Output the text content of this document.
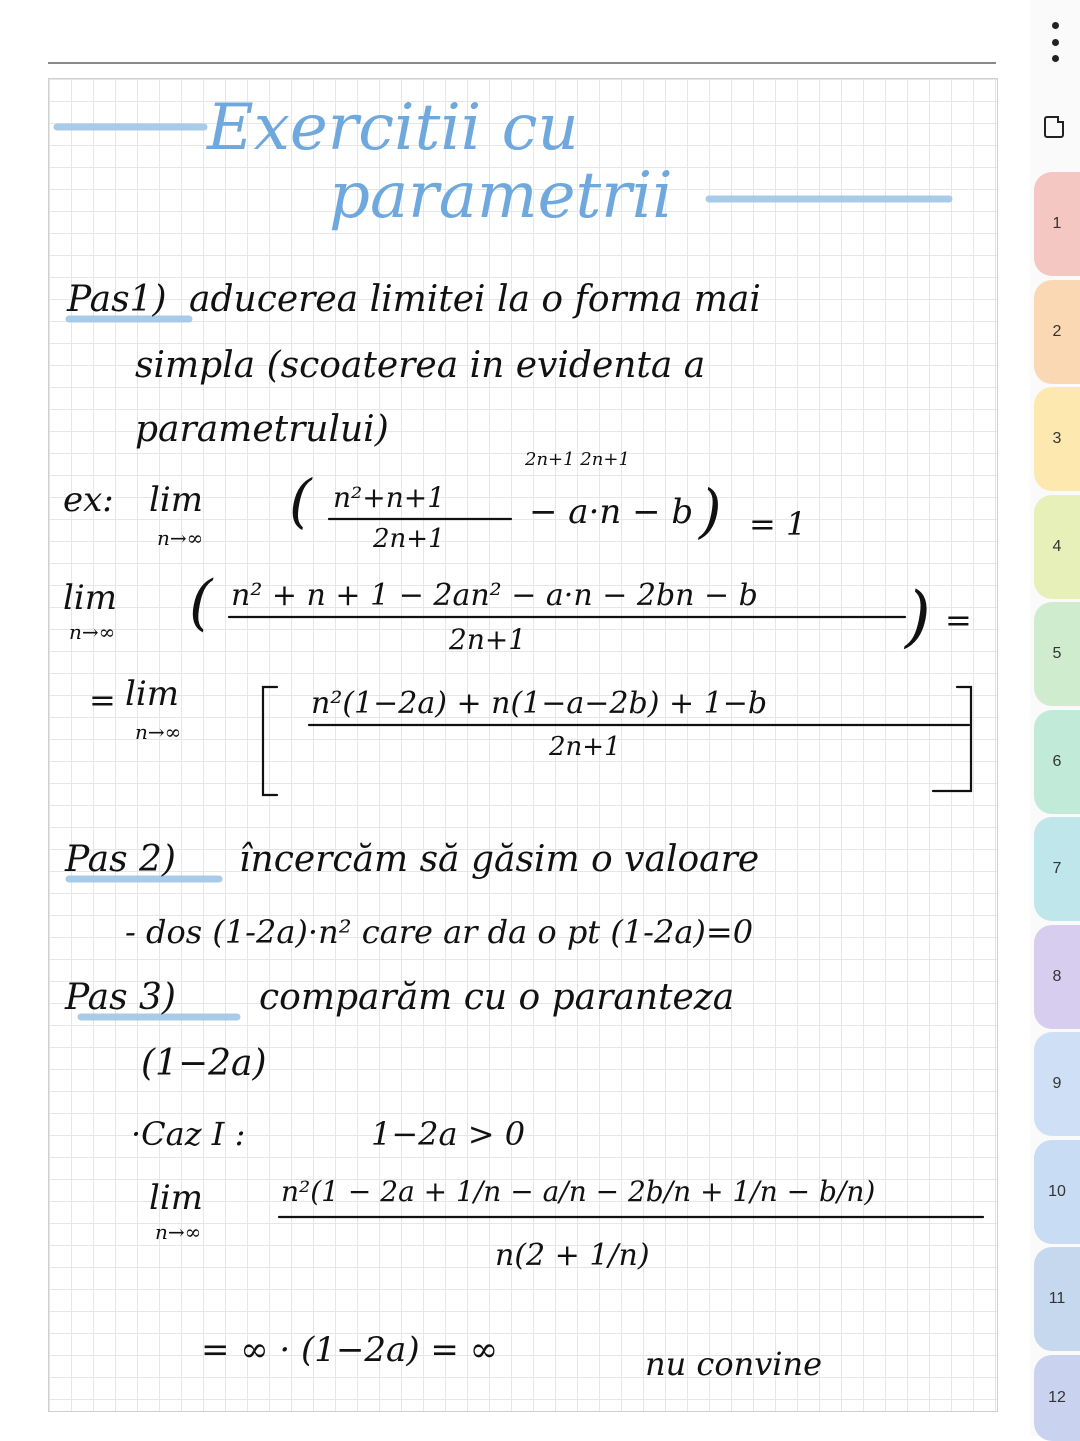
Exercitii cu
parametrii
Pas1) aducerea limitei la o forma mai
simpla (scoaterea in evidenta a
parametrului)
2n+1 2n+1
ex: lim
n→∞
( n²+n+1
2n+1
− a·n − b ) = 1
lim
n→∞ ( n² + n + 1 − 2an² − a·n − 2bn − b
2n+1	) =
= lim
n→∞
n²(1−2a) + n(1−a−2b) + 1−b
2n+1
Pas 2) încercăm să găsim o valoare
- dos (1-2a)·n² care ar da o pt (1-2a)=0
Pas 3) comparăm cu o paranteza
(1−2a)
·Caz I :	1−2a > 0
lim
n→∞
n²(1 − 2a + 1/n − a/n − 2b/n + 1/n − b/n)
n(2 + 1/n)
= ∞ · (1−2a) = ∞	nu convine
1
2
3
4
5
6
7
8
9
10
11
12
